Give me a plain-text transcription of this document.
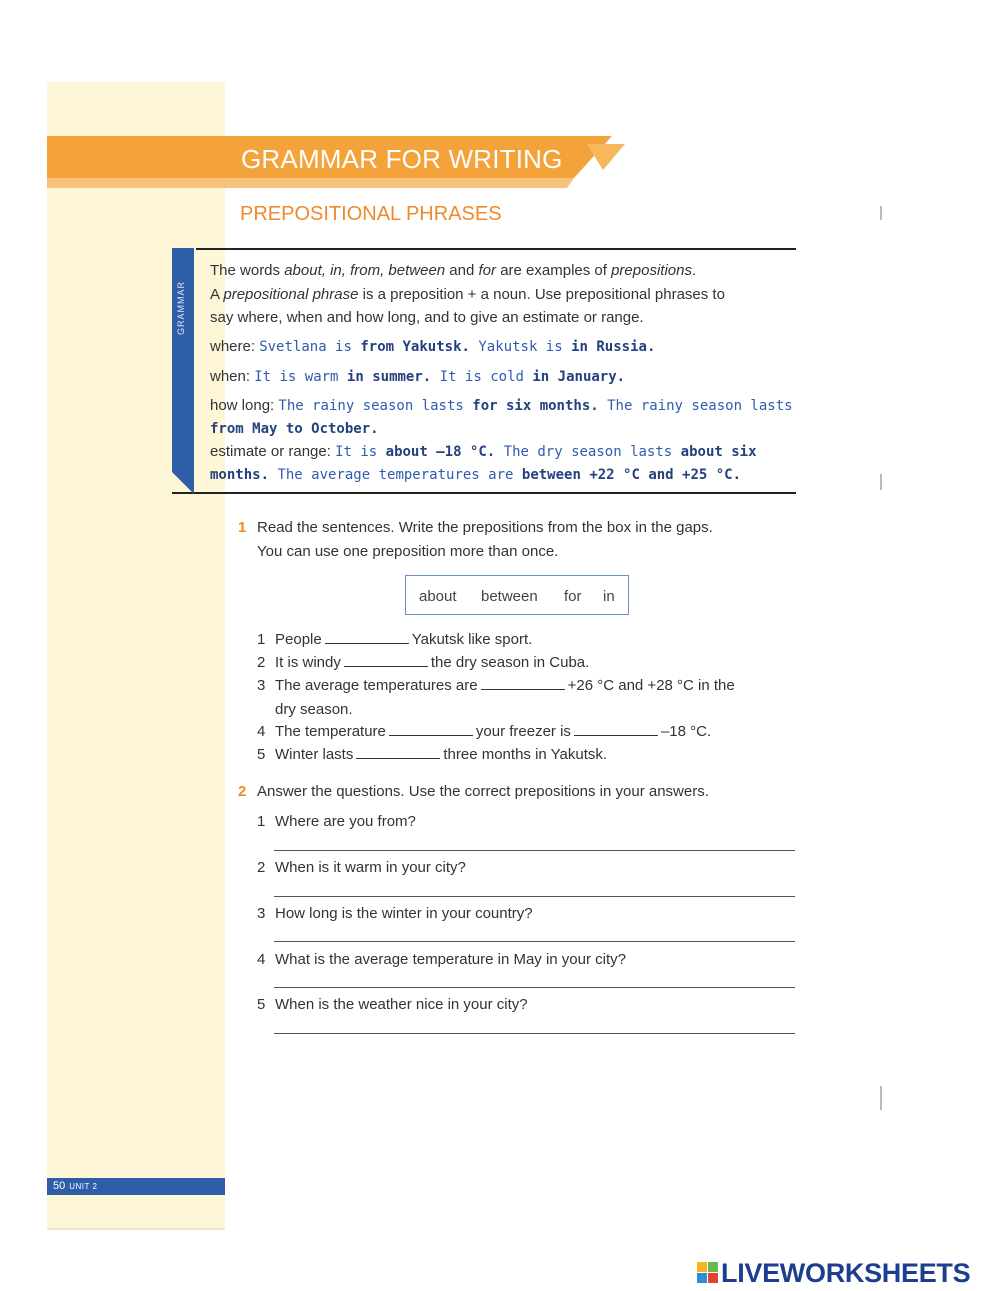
GRAMMAR FOR WRITING
PREPOSITIONAL PHRASES
GRAMMAR
The words about, in, from, between and for are examples of prepositions.
A prepositional phrase is a preposition + a noun. Use prepositional phrases to
say where, when and how long, and to give an estimate or range.
where: Svetlana is from Yakutsk. Yakutsk is in Russia.
when: It is warm in summer. It is cold in January.
how long: The rainy season lasts for six months. The rainy season lasts
from May to October.
estimate or range: It is about –18 °C. The dry season lasts about six
months. The average temperatures are between +22 °C and +25 °C.
1 Read the sentences. Write the prepositions from the box in the gaps.
You can use one preposition more than once.
about between for in
1 People	Yakutsk like sport.
2 It is windy	the dry season in Cuba.
3 The average temperatures are	+26 °C and +28 °C in the
dry season.
4 The temperature	your freezer is	–18 °C.
5 Winter lasts	three months in Yakutsk.
2 Answer the questions. Use the correct prepositions in your answers.
1 Where are you from?
2 When is it warm in your city?
3 How long is the winter in your country?
4 What is the average temperature in May in your city?
5 When is the weather nice in your city?
50 UNIT 2
LIVEWORKSHEETS
